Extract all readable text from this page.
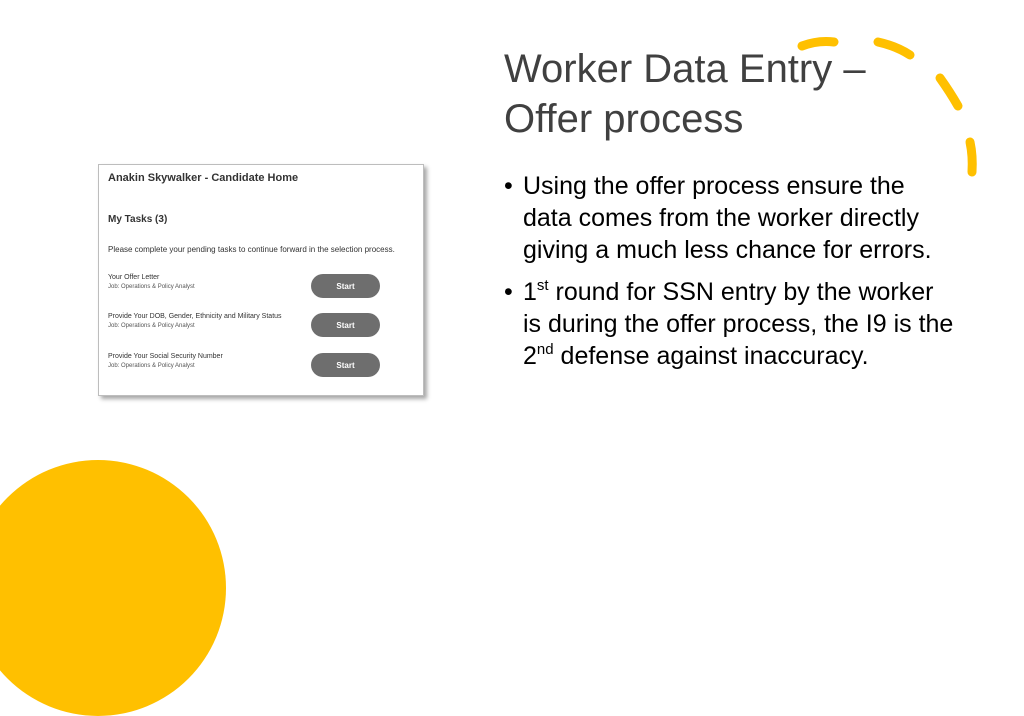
Worker Data Entry –
Offer process
• Using the offer process ensure the data comes from the worker directly giving a much less chance for errors.
• 1st round for SSN entry by the worker is during the offer process, the I9 is the 2nd defense against inaccuracy.
Anakin Skywalker - Candidate Home
My Tasks (3)
Please complete your pending tasks to continue forward in the selection process.
Your Offer Letter
Job: Operations & Policy Analyst	Start
Provide Your DOB, Gender, Ethnicity and Military Status
Job: Operations & Policy Analyst	Start
Provide Your Social Security Number
Job: Operations & Policy Analyst	Start
